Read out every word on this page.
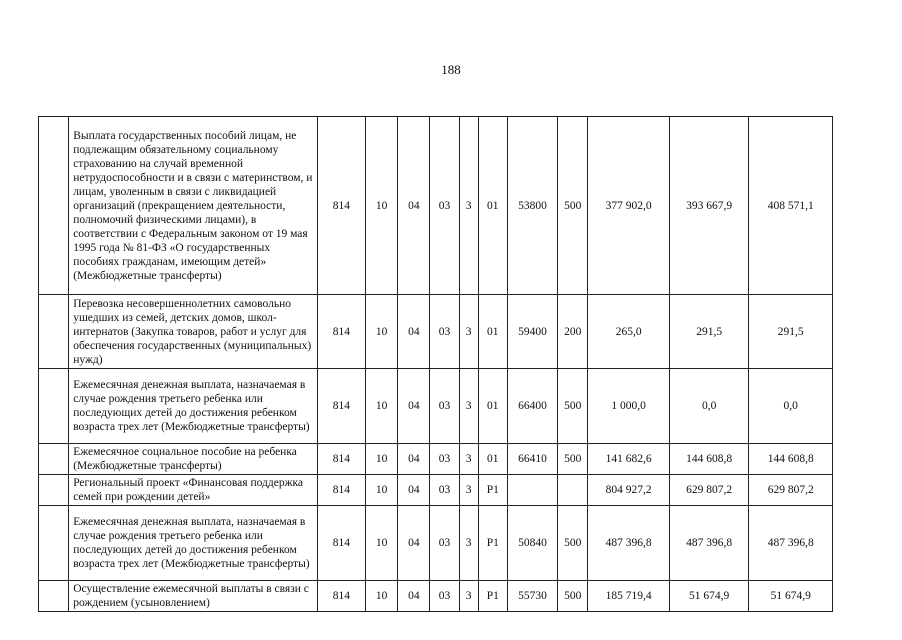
188
	Выплата государственных пособий лицам, не подлежащим обязательному социальному страхованию на случай временной нетрудоспособности и в связи с материнством, и лицам, уволенным в связи с ликвидацией организаций (прекращением деятельности, полномочий физическими лицами), в соответствии с Федеральным законом от 19 мая 1995 года № 81-ФЗ «О государственных пособиях гражданам, имеющим детей» (Межбюджетные трансферты)	814	10	04	03	3	01	53800	500	377 902,0	393 667,9	408 571,1
	Перевозка несовершеннолетних самовольно ушедших из семей, детских домов, школ-интернатов (Закупка товаров, работ и услуг для обеспечения государственных (муниципальных) нужд)	814	10	04	03	3	01	59400	200	265,0	291,5	291,5
	Ежемесячная денежная выплата, назначаемая в случае рождения третьего ребенка или последующих детей до достижения ребенком возраста трех лет (Межбюджетные трансферты)	814	10	04	03	3	01	66400	500	1 000,0	0,0	0,0
	Ежемесячное социальное пособие на ребенка (Межбюджетные трансферты)	814	10	04	03	3	01	66410	500	141 682,6	144 608,8	144 608,8
	Региональный проект «Финансовая поддержка семей при рождении детей»	814	10	04	03	3	P1			804 927,2	629 807,2	629 807,2
	Ежемесячная денежная выплата, назначаемая в случае рождения третьего ребенка или последующих детей до достижения ребенком возраста трех лет (Межбюджетные трансферты)	814	10	04	03	3	P1	50840	500	487 396,8	487 396,8	487 396,8
	Осуществление ежемесячной выплаты в связи с рождением (усыновлением)	814	10	04	03	3	P1	55730	500	185 719,4	51 674,9	51 674,9
